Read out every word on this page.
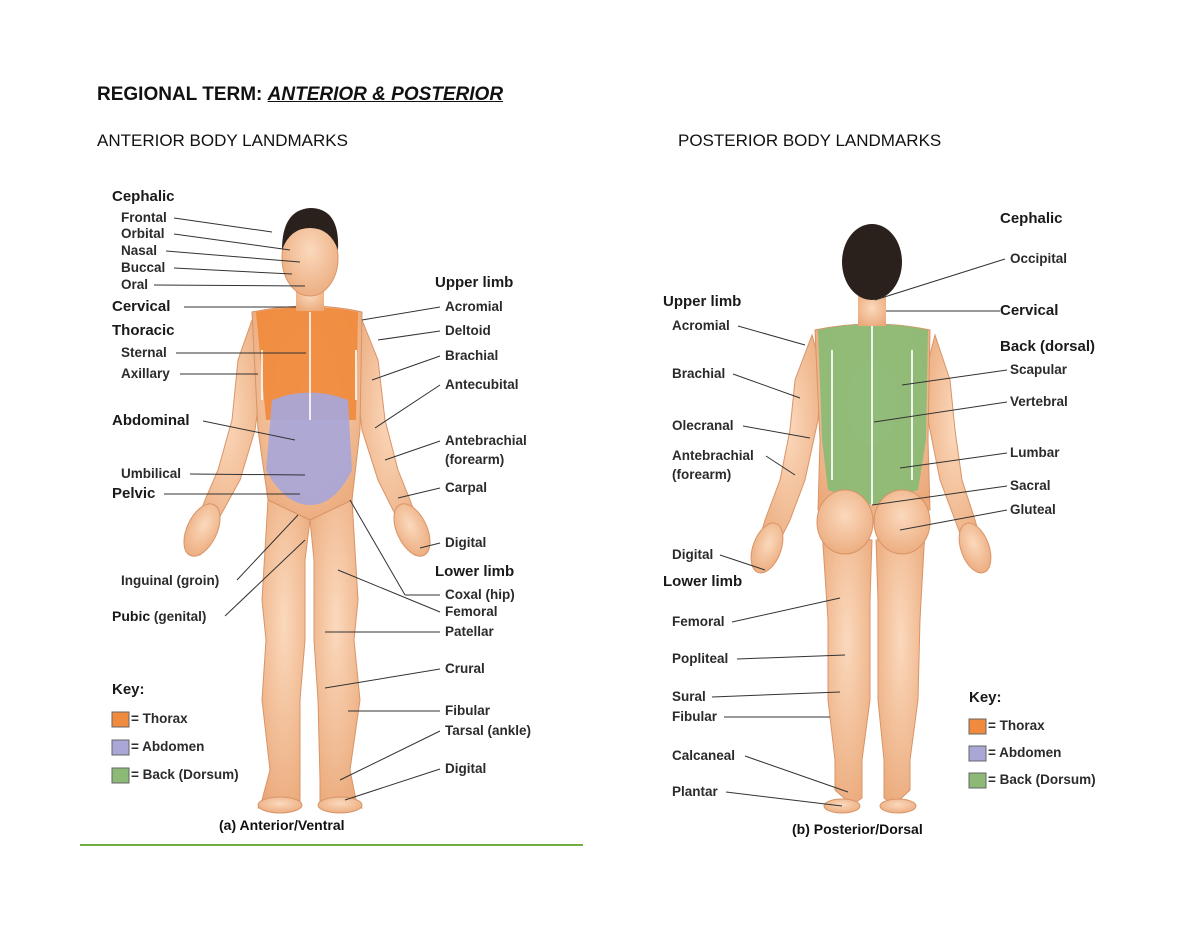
REGIONAL TERM: ANTERIOR & POSTERIOR
ANTERIOR BODY LANDMARKS	POSTERIOR BODY LANDMARKS
Cephalic
Frontal
Orbital
Nasal
Buccal
Oral
Cervical
Thoracic
Sternal
Axillary
Abdominal
Umbilical
Pelvic
Inguinal (groin)
Pubic (genital)
Upper limb
Acromial
Deltoid
Brachial
Antecubital
Antebrachial
(forearm)
Carpal
Digital
Lower limb
Coxal (hip)
Femoral
Patellar
Crural
Fibular
Tarsal (ankle)
Digital
Key:
= Thorax
= Abdomen
= Back (Dorsum)
(a) Anterior/Ventral
Upper limb
Acromial
Brachial
Olecranal
Antebrachial
(forearm)
Digital
Lower limb
Femoral
Popliteal
Sural
Fibular
Calcaneal
Plantar
Cephalic
Occipital
Cervical
Back (dorsal)
Scapular
Vertebral
Lumbar
Sacral
Gluteal
Key:
= Thorax
= Abdomen
= Back (Dorsum)
(b) Posterior/Dorsal
